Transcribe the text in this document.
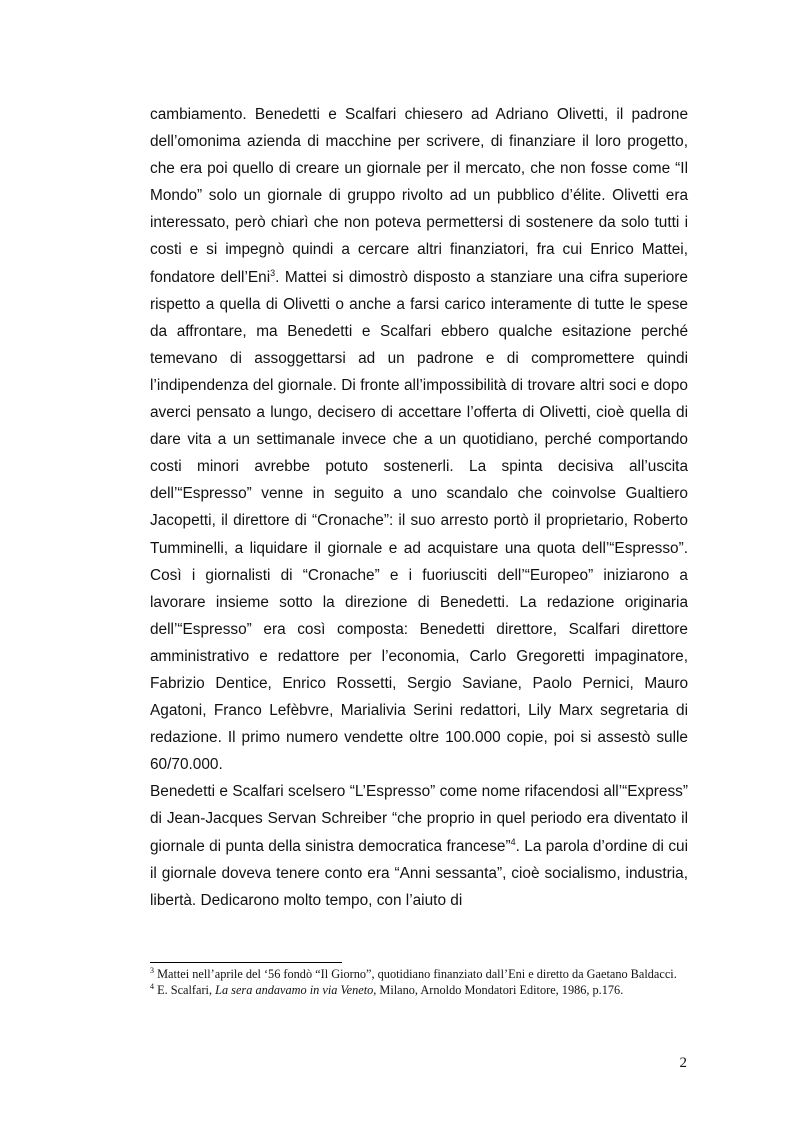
cambiamento. Benedetti e Scalfari chiesero ad Adriano Olivetti, il padrone dell’omonima azienda di macchine per scrivere, di finanziare il loro progetto, che era poi quello di creare un giornale per il mercato, che non fosse come “Il Mondo” solo un giornale di gruppo rivolto ad un pubblico d’élite. Olivetti era interessato, però chiarì che non poteva permettersi di sostenere da solo tutti i costi e si impegnò quindi a cercare altri finanziatori, fra cui Enrico Mattei, fondatore dell’Eni$^3$. Mattei si dimostrò disposto a stanziare una cifra superiore rispetto a quella di Olivetti o anche a farsi carico interamente di tutte le spese da affrontare, ma Benedetti e Scalfari ebbero qualche esitazione perché temevano di assoggettarsi ad un padrone e di compromettere quindi l’indipendenza del giornale. Di fronte all’impossibilità di trovare altri soci e dopo averci pensato a lungo, decisero di accettare l’offerta di Olivetti, cioè quella di dare vita a un settimanale invece che a un quotidiano, perché comportando costi minori avrebbe potuto sostenerli. La spinta decisiva all’uscita dell’“Espresso” venne in seguito a uno scandalo che coinvolse Gualtiero Jacopetti, il direttore di “Cronache”: il suo arresto portò il proprietario, Roberto Tumminelli, a liquidare il giornale e ad acquistare una quota dell’“Espresso”. Così i giornalisti di “Cronache” e i fuoriusciti dell’“Europeo” iniziarono a lavorare insieme sotto la direzione di Benedetti. La redazione originaria dell’“Espresso” era così composta: Benedetti direttore, Scalfari direttore amministrativo e redattore per l’economia, Carlo Gregoretti impaginatore, Fabrizio Dentice, Enrico Rossetti, Sergio Saviane, Paolo Pernici, Mauro Agatoni, Franco Lefèbvre, Marialivia Serini redattori, Lily Marx segretaria di redazione. Il primo numero vendette oltre 100.000 copie, poi si assestò sulle 60/70.000.

Benedetti e Scalfari scelsero “L’Espresso” come nome rifacendosi all’“Express” di Jean-Jacques Servan Schreiber “che proprio in quel periodo era diventato il giornale di punta della sinistra democratica francese”$^4$. La parola d’ordine di cui il giornale doveva tenere conto era “Anni sessanta”, cioè socialismo, industria, libertà. Dedicarono molto tempo, con l’aiuto di

$^3$ Mattei nell’aprile del ‘56 fondò “Il Giorno”, quotidiano finanziato dall’Eni e diretto da Gaetano Baldacci.

$^4$ E. Scalfari, La sera andavamo in via Veneto, Milano, Arnoldo Mondatori Editore, 1986, p.176.

2
